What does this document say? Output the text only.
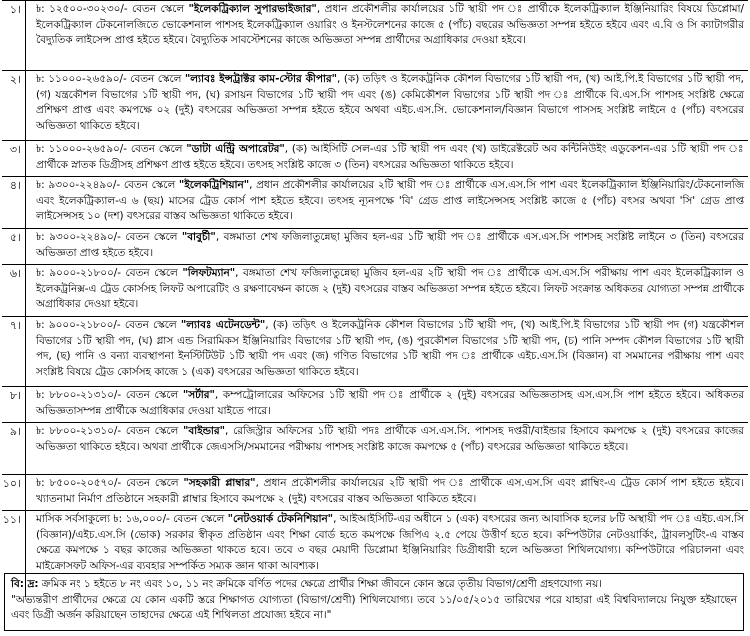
১।	৳: ১২৫০০-৩০২৩০/- বেতন স্কেলে "ইলেকট্রিক্যাল সুপারভাইজার", প্রধান প্রকৌশলীর কার্যালয়ের ১টি স্থায়ী পদ ঃ প্রার্থীকে ইলেকট্রিক্যাল ইঞ্জিনিয়ারিং বিষয়ে ডিপ্লোমা/ইলেকট্রিক্যাল টেকনোলজিতে ভোকেশনাল পাশসহ ইলেকট্রিক্যাল ওয়ারিং ও ইনস্টলেশনের কাজে ৫ (পাঁচ) বছরের অভিজ্ঞতা সম্পন্ন হইতে হইবে এবং এ.বি ও সি ক্যাটাগরীর বৈদ্যুতিক লাইসেন্স প্রাপ্ত হইতে হইবে। বৈদ্যুতিক সাবস্টেশনের কাজে অভিজ্ঞতা সম্পন্ন প্রার্থীদের অগ্রাধিকার দেওয়া হইবে।
২।	৳: ১১০০০-২৬৫৯০/- বেতন স্কেলে "ল্যাবঃ ইন্সট্রাক্টর কাম-স্টোর কীপার", (ক) তড়িৎ ও ইলেকট্রনিক কৌশল বিভাগের ১টি স্থায়ী পদ, (খ) আই.পি.ই বিভাগের ১টি স্থায়ী পদ, (গ) যন্ত্রকৌশল বিভাগের ১টি স্থায়ী পদ, (ঘ) রসায়ন বিভাগের ১টি স্থায়ী পদ এবং (ঙ) কেমিকৌশল বিভাগের ১টি স্থায়ী পদ ঃ প্রার্থীকে বি.এস.সি পাশসহ সংশ্লিষ্ট ক্ষেত্রে প্রশিক্ষণ প্রাপ্ত এবং কমপক্ষে ০২ (দুই) বৎসরের অভিজ্ঞতা সম্পন্ন হইতে হইবে অথবা এইচ.এস.সি. ভোকেশনাল/বিজ্ঞান বিভাগে পাসসহ সংশ্লিষ্ট লাইনে ৫ (পাঁচ) বৎসরের অভিজ্ঞতা থাকিতে হইবে।
৩।	৳: ১১০০০-২৬৫৯০/- বেতন স্কেলে "ডাটা এন্ট্রি অপারেটর", (ক) আইসিটি সেল-এর ১টি স্থায়ী পদ এবং (খ) ডাইরেক্টরেট অব কন্টিনিউইং এডুকেশন-এর ১টি স্থায়ী পদ ঃ প্রার্থীকে স্নাতক ডিগ্রীসহ প্রশিক্ষণ প্রাপ্ত হইতে হইবে। তৎসহ সংশ্লিষ্ট কাজে ৩ (তিন) বৎসরের অভিজ্ঞতা থাকিতে হইবে।
৪।	৳: ৯৩০০-২২৪৯০/- বেতন স্কেলে "ইলেকট্রিশিয়ান", প্রধান প্রকৌশলীর কার্যালয়ের ২টি স্থায়ী পদ ঃ প্রার্থীকে এস.এস.সি পাশ এবং ইলেকট্রিক্যাল ইঞ্জিনিয়ারিং/টেকনোলজি এবং ইলেকট্রিক্যাল-এ ৬ (ছয়) মাসের ট্রেড কোর্স পাশ হইতে হইবে। তৎসহ ন্যূনপক্ষে 'বি' গ্রেড প্রাপ্ত লাইসেন্সসহ সংশ্লিষ্ট কাজে ৫ (পাঁচ) বৎসর অথবা 'সি' গ্রেড প্রাপ্ত লাইসেন্সসহ ১০ (দশ) বৎসরের বাস্তব অভিজ্ঞতা থাকিতে হইবে।
৫।	৳: ৯৩০০-২২৪৯০/- বেতন স্কেলে "বাবুর্চী", বঙ্গমাতা শেখ ফজিলাতুন্নেছা মুজিব হল-এর ১টি স্থায়ী পদ ঃ প্রার্থীকে এস.এস.সি পাশসহ সংশ্লিষ্ট লাইনে ৩ (তিন) বৎসরের অভিজ্ঞতা প্রাপ্ত হইতে হইবে।
৬।	৳: ৯০০০-২১৮০০/- বেতন স্কেলে "লিফটম্যান", বঙ্গমাতা শেখ ফজিলাতুন্নেছা মুজিব হল-এর ২টি স্থায়ী পদ ঃ প্রার্থীকে এস.এস.সি পরীক্ষায় পাশ এবং ইলেকট্রিক্যাল ও ইলেকট্রনিক্স-এ ট্রেড কোর্সসহ লিফট অপারেটিং ও রক্ষণাবেক্ষন কাজে ২ (দুই) বৎসরের বাস্তব অভিজ্ঞতা সম্পন্ন হইতে হইবে। লিফট সংক্রান্ত অধিকতর যোগ্যতা সম্পন্ন প্রার্থীকে অগ্রাধিকার দেওয়া হইবে।
৭।	৳: ৯০০০-২১৮০০/- বেতন স্কেলে "ল্যাবঃ এটেনডেন্ট", (ক) তড়িৎ ও ইলেকট্রনিক কৌশল বিভাগের ১টি স্থায়ী পদ, (খ) আই.পি.ই বিভাগের ১টি স্থায়ী পদ (গ) যন্ত্রকৌশল বিভাগের ১টি স্থায়ী পদ, (ঘ) গ্লাস এন্ড সিরামিকস ইঞ্জিনিয়ারিং বিভাগের ১টি স্থায়ী পদ, (ঙ) পুরকৌশল বিভাগের ১টি স্থায়ী পদ, (চ) পানি সম্পদ কৌশল বিভাগের ১টি স্থায়ী পদ, (ছ) পানি ও বন্যা ব্যবস্থাপনা ইনস্টিটিউট ১টি স্থায়ী পদ এবং (জ) গণিত বিভাগের ১টি স্থায়ী পদ ঃ প্রার্থীকে এইচ.এস.সি (বিজ্ঞান) বা সমমানের পরীক্ষায় পাশ এবং সংশ্লিষ্ট বিষয়ে ট্রেড কোর্সসহ কাজে ১ (এক) বৎসরের অভিজ্ঞতা থাকিতে হইবে।
৮।	৳: ৮৮০০-২১৩১০/- বেতন স্কেলে "সর্টার", কম্পট্রোলারের অফিসের ১টি স্থায়ী পদ ঃ প্রার্থীকে ২ (দুই) বৎসরের অভিজ্ঞতাসহ এস.এস.সি পাশ হইতে হইবে। অধিকতর অভিজ্ঞতাসম্পন্ন প্রার্থীকে অগ্রাধিকার দেওয়া যাইতে পারে।
৯।	৳: ৮৮০০-২১৩১০/- বেতন স্কেলে "বাইন্ডার", রেজিস্ট্রার অফিসের ১টি স্থায়ী পদঃ প্রার্থীকে এস.এস.সি. পাশসহ দপ্তরী/বাইন্ডার হিসাবে কমপক্ষে ২ (দুই) বৎসরের কাজের অভিজ্ঞতা থাকিতে হইবে। অথবা প্রার্থীকে জেএসসি/সমমানের পরীক্ষায় পাশসহ সংশ্লিষ্ট কাজে কমপক্ষে ৫ (পাঁচ) বৎসরের অভিজ্ঞতা থাকিতে হইবে।
১০।	৳: ৮৫০০-২০৫৭০/- বেতন স্কেলে "সহকারী প্লাম্বার", প্রধান প্রকৌশলীর কার্যালয়ের ২টি স্থায়ী পদ ঃ প্রার্থীকে এস.এস.সি এবং প্লাম্বিং-এ ট্রেড কোর্স পাশ হইতে হইবে। খ্যাতনামা নির্মাণ প্রতিষ্ঠানে সহকারী প্লাম্বার হিসাবে কমপক্ষে ২ (দুই) বৎসরের বাস্তব অভিজ্ঞতা থাকিতে হইবে।
১১।	মাসিক সর্বসাকুল্যে ৳: ১৬,০০০/- বেতন স্কেলে "নেটওয়ার্ক টেকনিশিয়ান", আইআইসিটি-এর অধীনে ১ (এক) বৎসরের জন্য আবাসিক হলের ৮টি অস্থায়ী পদ ঃ এইচ.এস.সি (বিজ্ঞান)/এইচ.এস.সি (ভোক) সরকার স্বীকৃত প্রতিষ্ঠান এবং শিক্ষা বোর্ড হতে কমপক্ষে জিপিএ ২.৫ পেয়ে উত্তীর্ণ হতে হবে। কম্পিউটার নেটওয়ার্কিং, ট্রাবলসুটিং-এ বাস্তব ক্ষেত্রে কমপক্ষে ১ বছর কাজের অভিজ্ঞতা থাকতে হবে। তবে ৩ বছর মেয়াদী ডিপ্লোমা ইঞ্জিনিয়ারিং ডিগ্রীধারী হলে অভিজ্ঞতা শিথিলযোগ্য। কম্পিউটারে পরিচালনা এবং মাইক্রোসফট অফিস-এর ব্যবহার সম্পর্কিত সম্যক জ্ঞান থাকা আবশ্যক।
বি: দ্র: ক্রমিক নং ১ হইতে ৮ নং এবং ১০, ১১ নং ক্রমিকে বর্ণিত পদের ক্ষেত্রে প্রার্থীর শিক্ষা জীবনে কোন স্তরে তৃতীয় বিভাগ/শ্রেণী গ্রহণযোগ্য নয়।
"অভ্যন্তরীণ প্রার্থীদের ক্ষেত্রে যে কোন একটি স্তরে শিক্ষাগত যোগ্যতা (বিভাগ/শ্রেণী) শিথিলযোগ্য। তবে ১১/০৫/২০১৫ তারিখের পরে যাহারা এই বিশ্ববিদ্যালয়ে নিযুক্ত হইয়াছেন এবং ডিগ্রী অর্জন করিয়াছেন তাহাদের ক্ষেত্রে এই শিথিলতা প্রযোজ্য হইবে না।"
